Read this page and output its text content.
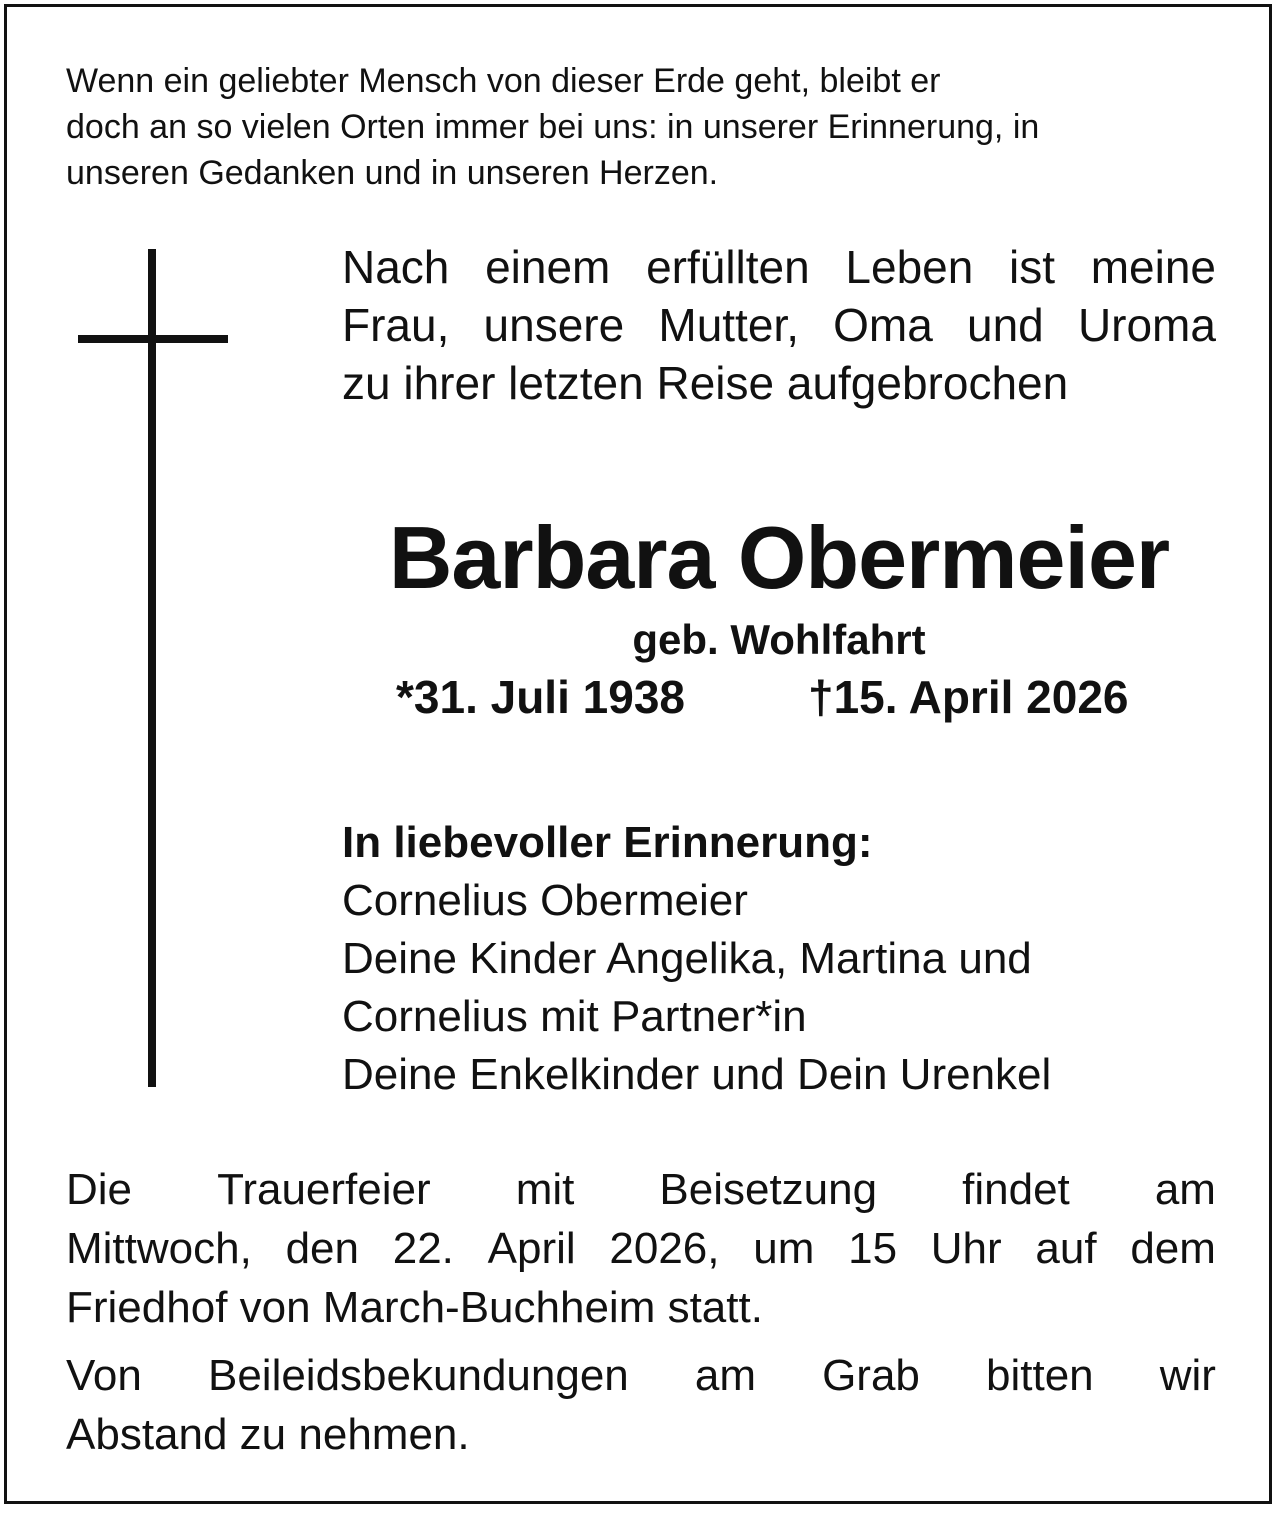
Wenn ein geliebter Mensch von dieser Erde geht, bleibt er
doch an so vielen Orten immer bei uns: in unserer Erinnerung, in
unseren Gedanken und in unseren Herzen.
Nach einem erfüllten Leben ist meine
Frau, unsere Mutter, Oma und Uroma
zu ihrer letzten Reise aufgebrochen
Barbara Obermeier
geb. Wohlfahrt
*31. Juli 1938	†15. April 2026
In liebevoller Erinnerung:
Cornelius Obermeier
Deine Kinder Angelika, Martina und
Cornelius mit Partner*in
Deine Enkelkinder und Dein Urenkel
Die Trauerfeier mit Beisetzung findet am
Mittwoch, den 22. April 2026, um 15 Uhr auf dem
Friedhof von March-Buchheim statt.
Von Beileidsbekundungen am Grab bitten wir
Abstand zu nehmen.
